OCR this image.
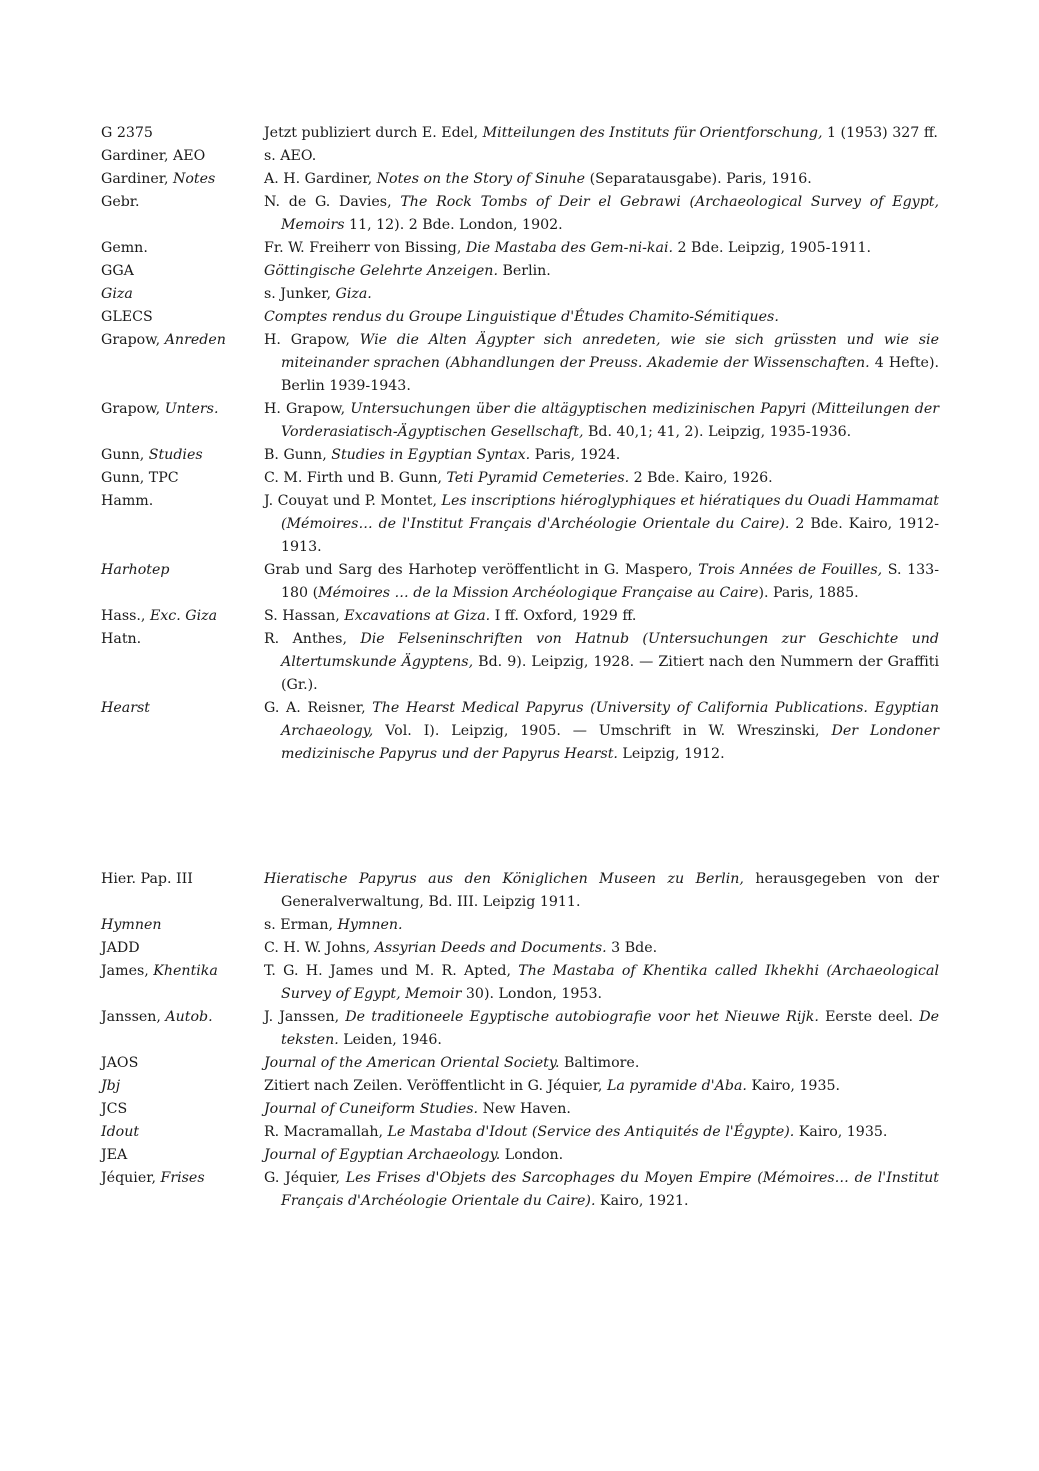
G 2375	Jetzt publiziert durch E. Edel, Mitteilungen des Instituts für Orientforschung, 1 (1953) 327 ff.
Gardiner, AEO	s. AEO.
Gardiner, Notes	A. H. Gardiner, Notes on the Story of Sinuhe (Separatausgabe). Paris, 1916.
Gebr.	N. de G. Davies, The Rock Tombs of Deir el Gebrawi (Archaeological Survey of Egypt, Memoirs 11, 12). 2 Bde. London, 1902.
Gemn.	Fr. W. Freiherr von Bissing, Die Mastaba des Gem-ni-kai. 2 Bde. Leipzig, 1905-1911.
GGA	Göttingische Gelehrte Anzeigen. Berlin.
Giza	s. Junker, Giza.
GLECS	Comptes rendus du Groupe Linguistique d'Études Chamito-Sémitiques.
Grapow, Anreden	H. Grapow, Wie die Alten Ägypter sich anredeten, wie sie sich grüssten und wie sie miteinander sprachen (Abhandlungen der Preuss. Akademie der Wissenschaften. 4 Hefte). Berlin 1939-1943.
Grapow, Unters.	H. Grapow, Untersuchungen über die altägyptischen medizinischen Papyri (Mitteilungen der Vorderasiatisch-Ägyptischen Gesellschaft, Bd. 40,1; 41, 2). Leipzig, 1935-1936.
Gunn, Studies	B. Gunn, Studies in Egyptian Syntax. Paris, 1924.
Gunn, TPC	C. M. Firth und B. Gunn, Teti Pyramid Cemeteries. 2 Bde. Kairo, 1926.
Hamm.	J. Couyat und P. Montet, Les inscriptions hiéroglyphiques et hiératiques du Ouadi Hammamat (Mémoires… de l'Institut Français d'Archéologie Orientale du Caire). 2 Bde. Kairo, 1912-1913.
Harhotep	Grab und Sarg des Harhotep veröffentlicht in G. Maspero, Trois Années de Fouilles, S. 133-180 (Mémoires … de la Mission Archéologique Française au Caire). Paris, 1885.
Hass., Exc. Giza	S. Hassan, Excavations at Giza. I ff. Oxford, 1929 ff.
Hatn.	R. Anthes, Die Felseninschriften von Hatnub (Untersuchungen zur Geschichte und Altertumskunde Ägyptens, Bd. 9). Leipzig, 1928. — Zitiert nach den Nummern der Graffiti (Gr.).
Hearst	G. A. Reisner, The Hearst Medical Papyrus (University of California Publications. Egyptian Archaeology, Vol. I). Leipzig, 1905. — Umschrift in W. Wreszinski, Der Londoner medizinische Papyrus und der Papyrus Hearst. Leipzig, 1912.
Hier. Pap. III	Hieratische Papyrus aus den Königlichen Museen zu Berlin, herausgegeben von der Generalverwaltung, Bd. III. Leipzig 1911.
Hymnen	s. Erman, Hymnen.
JADD	C. H. W. Johns, Assyrian Deeds and Documents. 3 Bde.
James, Khentika	T. G. H. James und M. R. Apted, The Mastaba of Khentika called Ikhekhi (Archaeological Survey of Egypt, Memoir 30). London, 1953.
Janssen, Autob.	J. Janssen, De traditioneele Egyptische autobiografie voor het Nieuwe Rijk. Eerste deel. De teksten. Leiden, 1946.
JAOS	Journal of the American Oriental Society. Baltimore.
Jbj	Zitiert nach Zeilen. Veröffentlicht in G. Jéquier, La pyramide d'Aba. Kairo, 1935.
JCS	Journal of Cuneiform Studies. New Haven.
Idout	R. Macramallah, Le Mastaba d'Idout (Service des Antiquités de l'Égypte). Kairo, 1935.
JEA	Journal of Egyptian Archaeology. London.
Jéquier, Frises	G. Jéquier, Les Frises d'Objets des Sarcophages du Moyen Empire (Mémoires… de l'Institut Français d'Archéologie Orientale du Caire). Kairo, 1921.
